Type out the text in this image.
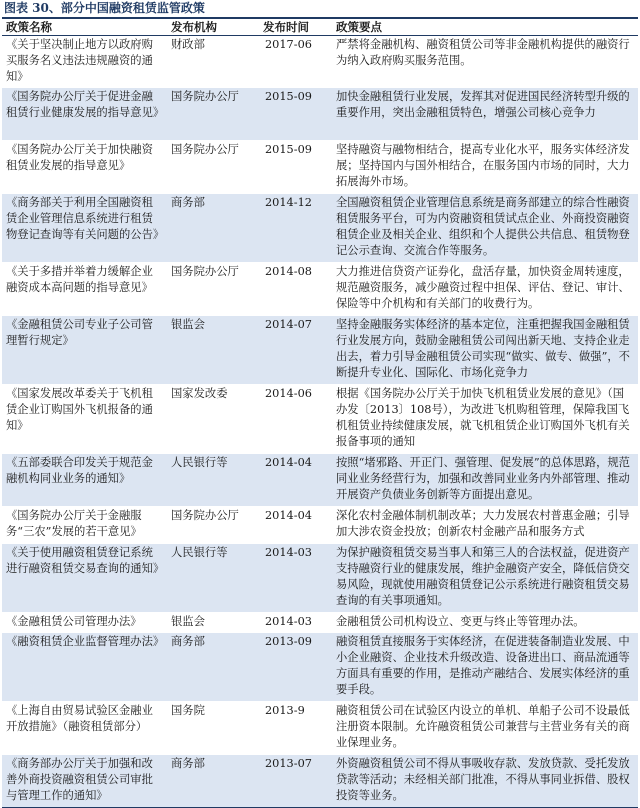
图表 30、部分中国融资租赁监管政策
政策名称	发布机构	发布时间	政策要点
《关于坚决制止地方以政府购买服务名义违法违规融资的通知》	财政部	2017-06	严禁将金融机构、融资租赁公司等非金融机构提供的融资行为纳入政府购买服务范围。
《国务院办公厅关于促进金融租赁行业健康发展的指导意见》	国务院办公厅	2015-09	加快金融租赁行业发展，发挥其对促进国民经济转型升级的重要作用，突出金融租赁特色，增强公司核心竞争力
《国务院办公厅关于加快融资租赁业发展的指导意见》	国务院办公厅	2015-09	坚持融资与融物相结合，提高专业化水平，服务实体经济发展；坚持国内与国外相结合，在服务国内市场的同时，大力拓展海外市场。
《商务部关于利用全国融资租赁企业管理信息系统进行租赁物登记查询等有关问题的公告》	商务部	2014-12	全国融资租赁企业管理信息系统是商务部建立的综合性融资租赁服务平台，可为内资融资租赁试点企业、外商投资融资租赁企业及相关企业、组织和个人提供公共信息、租赁物登记公示查询、交流合作等服务。
《关于多措并举着力缓解企业融资成本高问题的指导意见》	国务院办公厅	2014-08	大力推进信贷资产证券化，盘活存量，加快资金周转速度，规范融资服务，减少融资过程中担保、评估、登记、审计、保险等中介机构和有关部门的收费行为。
《金融租赁公司专业子公司管理暂行规定》	银监会	2014-07	坚持金融服务实体经济的基本定位，注重把握我国金融租赁行业发展方向，鼓励金融租赁公司闯出新天地、支持企业走出去，着力引导金融租赁公司实现“做实、做专、做强”，不断提升专业化、国际化、市场化竞争力
《国家发展改革委关于飞机租赁企业订购国外飞机报备的通知》	国家发改委	2014-06	根据《国务院办公厅关于加快飞机租赁业发展的意见》（国办发〔2013〕108号），为改进飞机购租管理，保障我国飞机租赁业持续健康发展，就飞机租赁企业订购国外飞机有关报备事项的通知
《五部委联合印发关于规范金融机构同业业务的通知》	人民银行等	2014-04	按照“堵邪路、开正门、强管理、促发展”的总体思路，规范同业业务经营行为，加强和改善同业业务内外部管理、推动开展资产负债业务创新等方面提出意见。
《国务院办公厅关于金融服务“三农”发展的若干意见》	国务院办公厅	2014-04	深化农村金融体制机制改革；大力发展农村普惠金融；引导加大涉农资金投放；创新农村金融产品和服务方式
《关于使用融资租赁登记系统进行融资租赁交易查询的通知》	人民银行等	2014-03	为保护融资租赁交易当事人和第三人的合法权益，促进资产支持融资行业的健康发展，维护金融资产安全，降低信贷交易风险，现就使用融资租赁登记公示系统进行融资租赁交易查询的有关事项通知。
《金融租赁公司管理办法》	银监会	2014-03	金融租赁公司机构设立、变更与终止等管理办法。
《融资租赁企业监督管理办法》	商务部	2013-09	融资租赁直接服务于实体经济，在促进装备制造业发展、中小企业融资、企业技术升级改造、设备进出口、商品流通等方面具有重要的作用，是推动产融结合、发展实体经济的重要手段。
《上海自由贸易试验区金融业开放措施》（融资租赁部分）	国务院	2013-9	融资租赁公司在试验区内设立的单机、单船子公司不设最低注册资本限制。允许融资租赁公司兼营与主营业务有关的商业保理业务。
《商务部办公厅关于加强和改善外商投资融资租赁公司审批与管理工作的通知》	商务部	2013-07	外资融资租赁公司不得从事吸收存款、发放贷款、受托发放贷款等活动；未经相关部门批准，不得从事同业拆借、股权投资等业务。
